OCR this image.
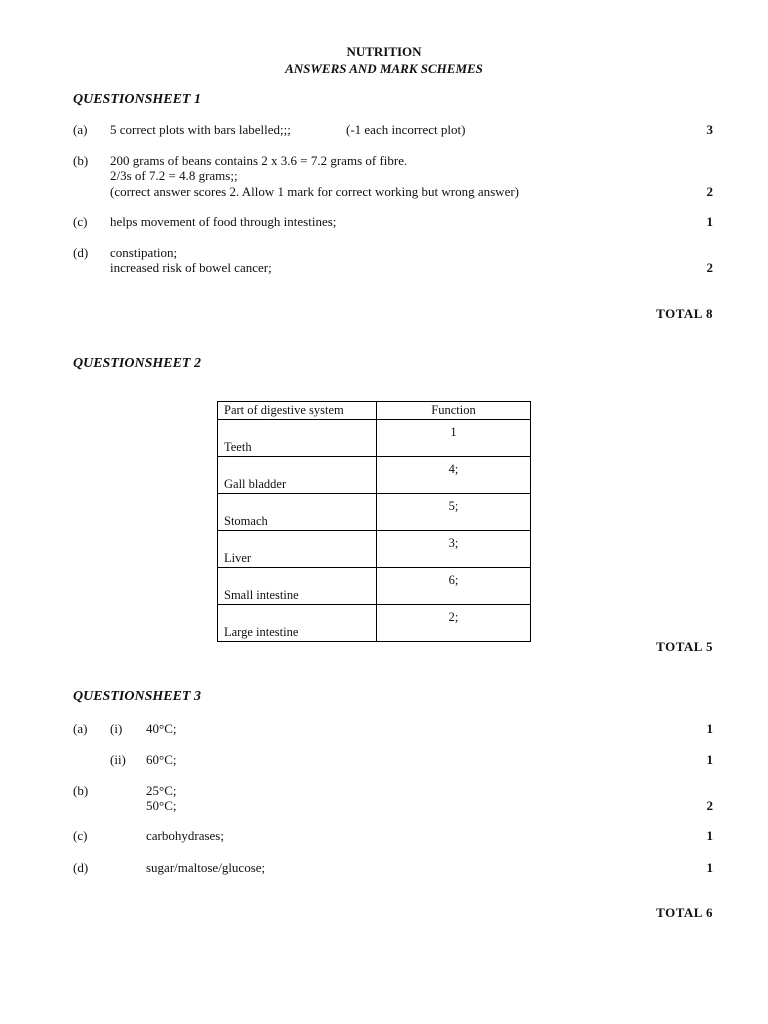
NUTRITION
ANSWERS AND MARK SCHEMES
QUESTIONSHEET 1
(a) 5 correct plots with bars labelled;;;	(-1 each incorrect plot)	3
(b) 200 grams of beans contains 2 x 3.6 = 7.2 grams of fibre.
2/3s of 7.2 = 4.8 grams;;
(correct answer scores 2. Allow 1 mark for correct working but wrong answer)	2
(c) helps movement of food through intestines;	1
(d) constipation;
increased risk of bowel cancer;	2
TOTAL 8
QUESTIONSHEET 2
Part of digestive system	Function
Teeth	1
Gall bladder	4;
Stomach	5;
Liver	3;
Small intestine	6;
Large intestine	2;
TOTAL 5
QUESTIONSHEET 3
(a) (i) 40°C;	1
(ii) 60°C;	1
(b)	25°C;
50°C;	2
(c)	carbohydrases;	1
(d)	sugar/maltose/glucose;	1
TOTAL 6
